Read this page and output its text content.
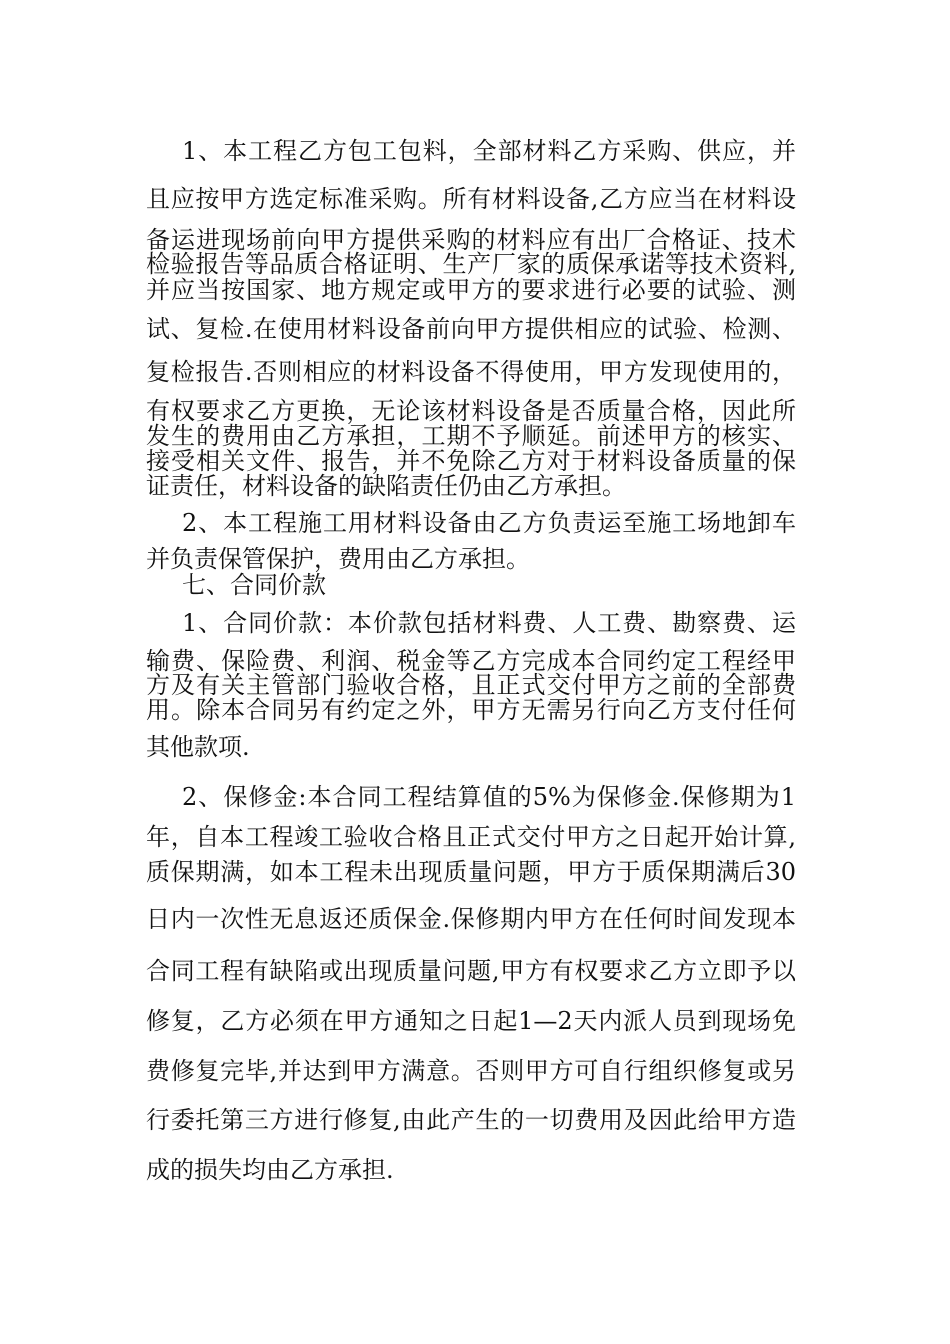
1、本工程乙方包工包料，全部材料乙方采购、供应，并
且应按甲方选定标准采购。所有材料设备,乙方应当在材料设
备运进现场前向甲方提供采购的材料应有出厂合格证、技术
检验报告等品质合格证明、生产厂家的质保承诺等技术资料,
并应当按国家、地方规定或甲方的要求进行必要的试验、测
试、复检.在使用材料设备前向甲方提供相应的试验、检测、
复检报告.否则相应的材料设备不得使用，甲方发现使用的，
有权要求乙方更换，无论该材料设备是否质量合格，因此所
发生的费用由乙方承担，工期不予顺延。前述甲方的核实、
接受相关文件、报告，并不免除乙方对于材料设备质量的保
证责任，材料设备的缺陷责任仍由乙方承担。
2、本工程施工用材料设备由乙方负责运至施工场地卸车
并负责保管保护，费用由乙方承担。
七、合同价款
1、合同价款：本价款包括材料费、人工费、勘察费、运
输费、保险费、利润、税金等乙方完成本合同约定工程经甲
方及有关主管部门验收合格，且正式交付甲方之前的全部费
用。除本合同另有约定之外，甲方无需另行向乙方支付任何
其他款项.
2、保修金:本合同工程结算值的5%为保修金.保修期为1
年，自本工程竣工验收合格且正式交付甲方之日起开始计算,
质保期满，如本工程未出现质量问题，甲方于质保期满后30
日内一次性无息返还质保金.保修期内甲方在任何时间发现本
合同工程有缺陷或出现质量问题,甲方有权要求乙方立即予以
修复，乙方必须在甲方通知之日起1—2天内派人员到现场免
费修复完毕,并达到甲方满意。否则甲方可自行组织修复或另
行委托第三方进行修复,由此产生的一切费用及因此给甲方造
成的损失均由乙方承担.
